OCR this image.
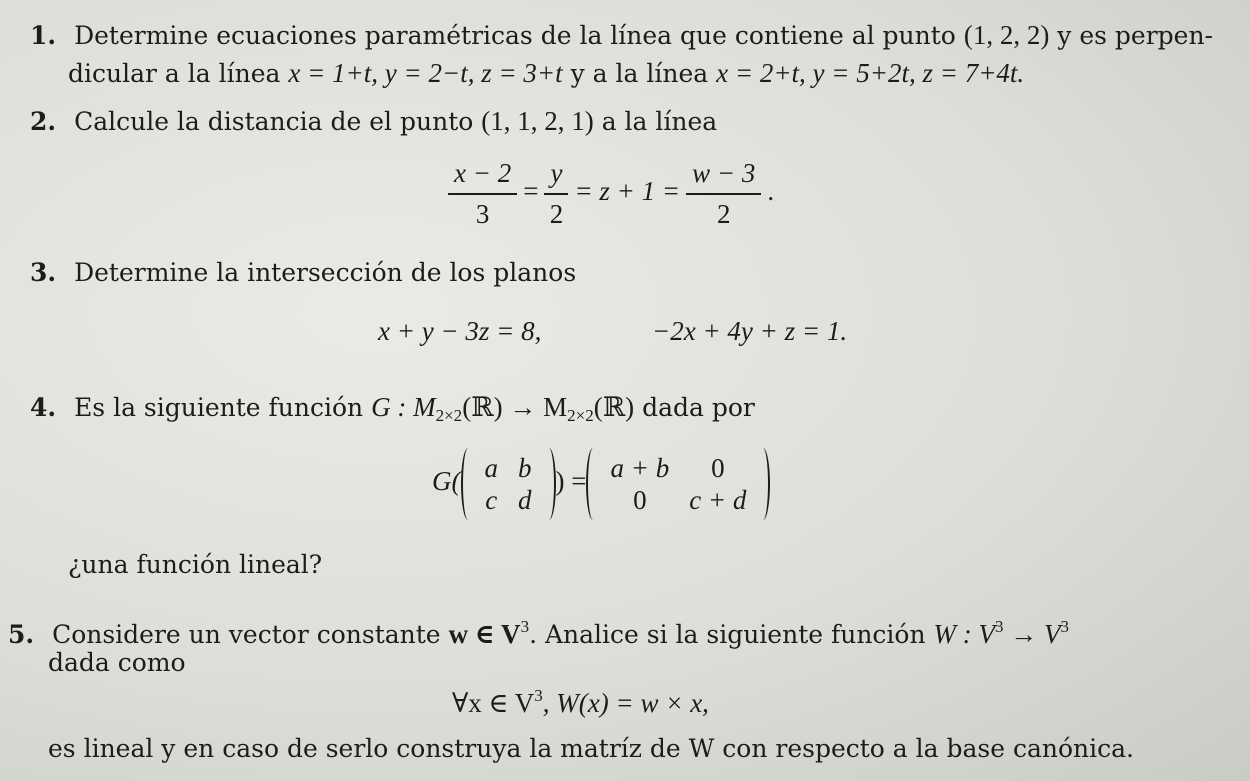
1. Determine ecuaciones paramétricas de la línea que contiene al punto (1, 2, 2) y es perpen-
dicular a la línea x = 1+t, y = 2−t, z = 3+t y a la línea x = 2+t, y = 5+2t, z = 7+4t.
2. Calcule la distancia de el punto (1, 1, 2, 1) a la línea
$\frac{x - 2}{3} = \frac{y}{2} = z + 1 = \frac{w - 3}{2}$ .
3. Determine la intersección de los planos
x + y − 3z = 8,	−2x + 4y + z = 1.
4. Es la siguiente función G : $M_{2\times 2}(ℝ)$ → $M_{2\times 2}(ℝ)$ dada por
G( a	b
c	d
) = a + b	0
0	c + d
¿una función lineal?
5. Considere un vector constante w ∈ $V^3$. Analice si la siguiente función W : $V^3 \to V^3$
dada como
∀x ∈ $V^3$, W(x) = w × x,
es lineal y en caso de serlo construya la matríz de W con respecto a la base canónica.
